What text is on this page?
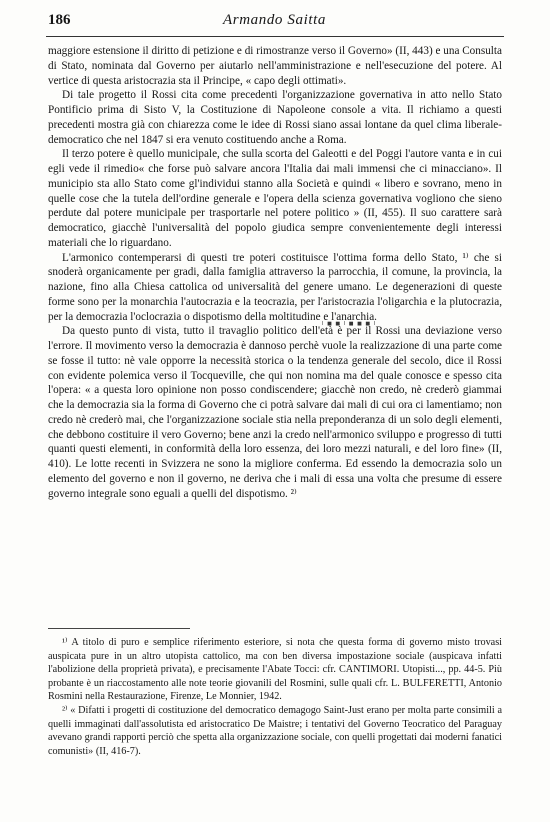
186	Armando Saitta

maggiore estensione il diritto di petizione e di rimostranze verso il Governo» (II, 443) e una Consulta di Stato, nominata dal Governo per aiutarlo nell'amministrazione e nell'esecuzione del potere. Al vertice di questa aristocrazia sta il Principe, « capo degli ottimati».

Di tale progetto il Rossi cita come precedenti l'organizzazione governativa in atto nello Stato Pontificio prima di Sisto V, la Costituzione di Napoleone console a vita. Il richiamo a questi precedenti mostra già con chiarezza come le idee di Rossi siano assai lontane da quel clima liberale-democratico che nel 1847 si era venuto costituendo anche a Roma.

Il terzo potere è quello municipale, che sulla scorta del Galeotti e del Poggi l'autore vanta e in cui egli vede il rimedio« che forse può salvare ancora l'Italia dai mali immensi che ci minacciano». Il municipio sta allo Stato come gl'individui stanno alla Società e quindi « libero e sovrano, meno in quelle cose che la tutela dell'ordine generale e l'opera della scienza governativa vogliono che sieno perdute dal potere municipale per trasportarle nel potere politico » (II, 455). Il suo carattere sarà democratico, giacchè l'universalità del popolo giudica sempre convenientemente degli interessi materiali che lo riguardano.

L'armonico contemperarsi di questi tre poteri costituisce l'ottima forma dello Stato, ¹⁾ che si snoderà organicamente per gradi, dalla famiglia attraverso la parrocchia, il comune, la provincia, la nazione, fino alla Chiesa cattolica od universalità del genere umano. Le degenerazioni di queste forme sono per la monarchia l'autocrazia e la teocrazia, per l'aristocrazia l'oligarchia e la plutocrazia, per la democrazia l'oclocrazia o dispotismo della moltitudine e l'anarchia.

Da questo punto di vista, tutto il travaglio politico dell'età è per il Rossi una deviazione verso l'errore. Il movimento verso la democrazia è dannoso perchè vuole la realizzazione di una parte come se fosse il tutto: nè vale opporre la necessità storica o la tendenza generale del secolo, dice il Rossi con evidente polemica verso il Tocqueville, che qui non nomina ma del quale conosce e spesso cita l'opera: « a questa loro opinione non posso condiscendere; giacchè non credo, nè crederò giammai che la democrazia sia la forma di Governo che ci potrà salvare dai mali di cui ora ci lamentiamo; non credo nè crederò mai, che l'organizzazione sociale stia nella preponderanza di un solo degli elementi, che debbono costituire il vero Governo; bene anzi la credo nell'armonico sviluppo e progresso di tutti quanti questi elementi, in conformità della loro essenza, dei loro mezzi naturali, e del loro fine» (II, 410). Le lotte recenti in Svizzera ne sono la migliore conferma. Ed essendo la democrazia solo un elemento del governo e non il governo, ne deriva che i mali di essa una volta che presume di essere governo integrale sono eguali a quelli del dispotismo. ²⁾

I ■ ■ I ■ ■ ■ I

¹⁾ A titolo di puro e semplice riferimento esteriore, si nota che questa forma di governo misto trovasi auspicata pure in un altro utopista cattolico, ma con ben diversa impostazione sociale (auspicava infatti l'abolizione della proprietà privata), e precisamente l'Abate Tocci: cfr. CANTIMORI. Utopisti..., pp. 44-5. Più probante è un riaccostamento alle note teorie giovanili del Rosmini, sulle quali cfr. L. BULFERETTI, Antonio Rosmini nella Restaurazione, Firenze, Le Monnier, 1942.

²⁾ « Difatti i progetti di costituzione del democratico demagogo Saint-Just erano per molta parte consimili a quelli immaginati dall'assolutista ed aristocratico De Maistre; i tentativi del Governo Teocratico del Paraguay avevano grandi rapporti perciò che spetta alla organizzazione sociale, con quelli progettati dai moderni fanatici comunisti» (II, 416-7).
